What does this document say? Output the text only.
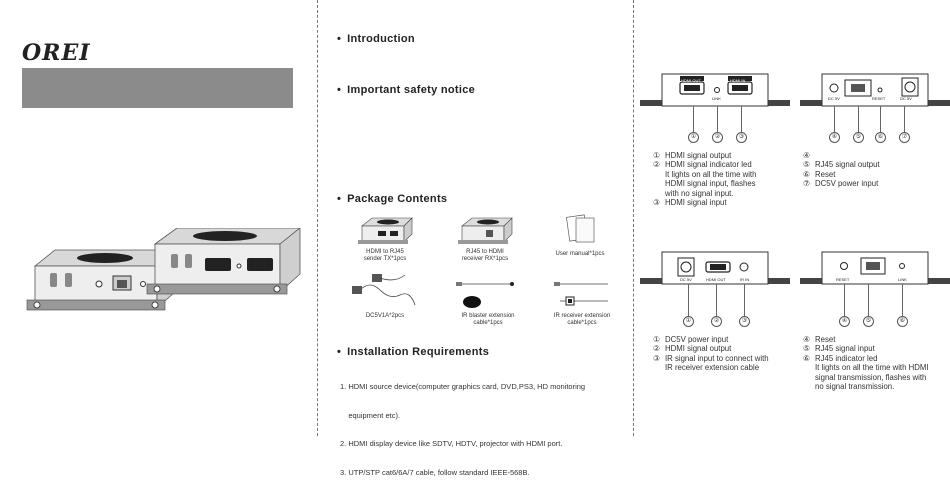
OREI
• Introduction
• Important safety notice
• Package Contents
HDMI to RJ45
sender TX*1pcs
RJ45 to HDMI
receiver RX*1pcs
User manual*1pcs
DC5V1A*2pcs	IR blaster extension
cable*1pcs
IR receiver extension
cable*1pcs
• Installation Requirements

1. HDMI source device(computer graphics card, DVD,PS3, HD monitoring

equipment etc).

2. HDMI display device like SDTV, HDTV, projector with HDMI port.

3. UTP/STP cat6/6A/7 cable, follow standard IEEE-568B.

HDMI OUT	HDMI IN
LINK	DC 5V	RESET	DC 5V
DC 5V	HDMI OUT	IR IN	RESET	LINK
①	②	③	④	⑤	⑥	⑦
①	②	③	④	⑤	⑥
① HDMI signal output
② HDMI signal indicator led
It lights on all the time with
HDMI signal input, flashes
with no signal input.
③ HDMI signal input
④
⑤ RJ45 signal output
⑥ Reset
⑦ DC5V power input
① DC5V power input
② HDMI signal output
③ IR signal input to connect with
IR receiver extension cable
④ Reset
⑤ RJ45 signal input
⑥ RJ45 indicator led
It lights on all the time with HDMI
signal transmission, flashes with
no signal transmission.
